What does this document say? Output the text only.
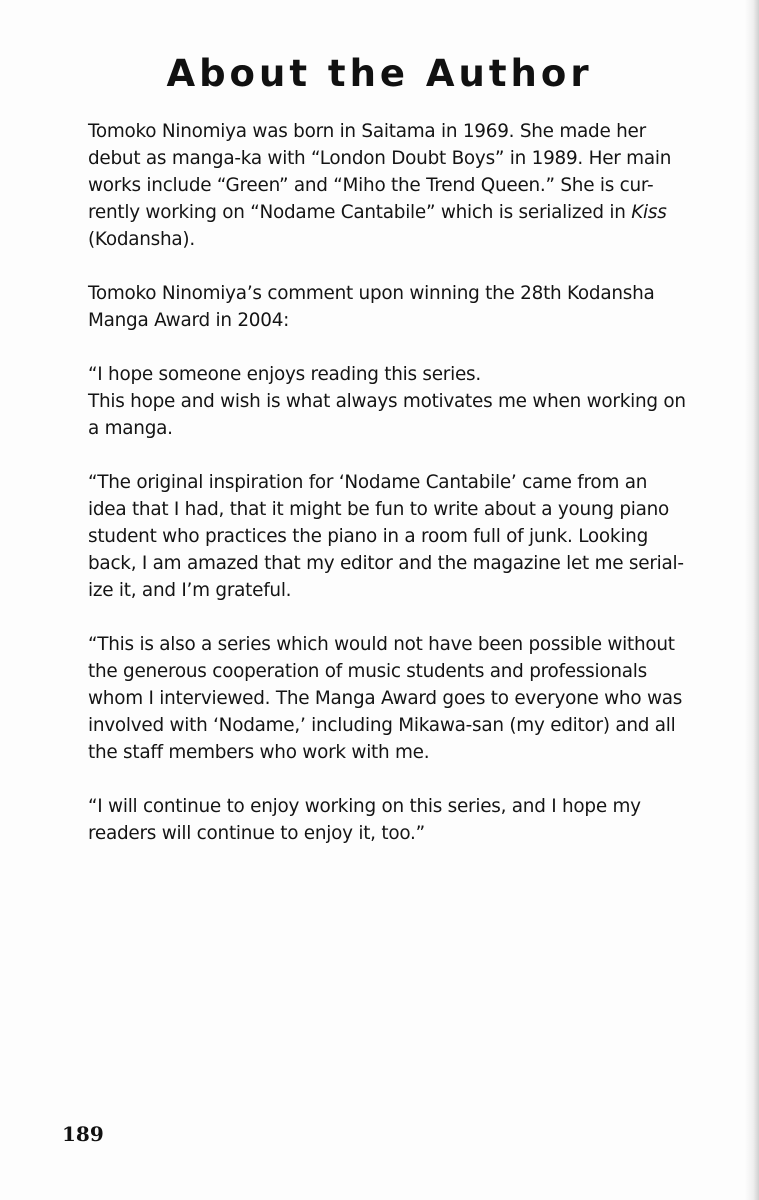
About the Author

Tomoko Ninomiya was born in Saitama in 1969. She made her
debut as manga-ka with “London Doubt Boys” in 1989. Her main
works include “Green” and “Miho the Trend Queen.” She is cur-
rently working on “Nodame Cantabile” which is serialized in Kiss
(Kodansha).

Tomoko Ninomiya’s comment upon winning the 28th Kodansha
Manga Award in 2004:

“I hope someone enjoys reading this series.
This hope and wish is what always motivates me when working on
a manga.

“The original inspiration for ‘Nodame Cantabile’ came from an
idea that I had, that it might be fun to write about a young piano
student who practices the piano in a room full of junk. Looking
back, I am amazed that my editor and the magazine let me serial-
ize it, and I’m grateful.

“This is also a series which would not have been possible without
the generous cooperation of music students and professionals
whom I interviewed. The Manga Award goes to everyone who was
involved with ‘Nodame,’ including Mikawa-san (my editor) and all
the staff members who work with me.

“I will continue to enjoy working on this series, and I hope my
readers will continue to enjoy it, too.”

189
